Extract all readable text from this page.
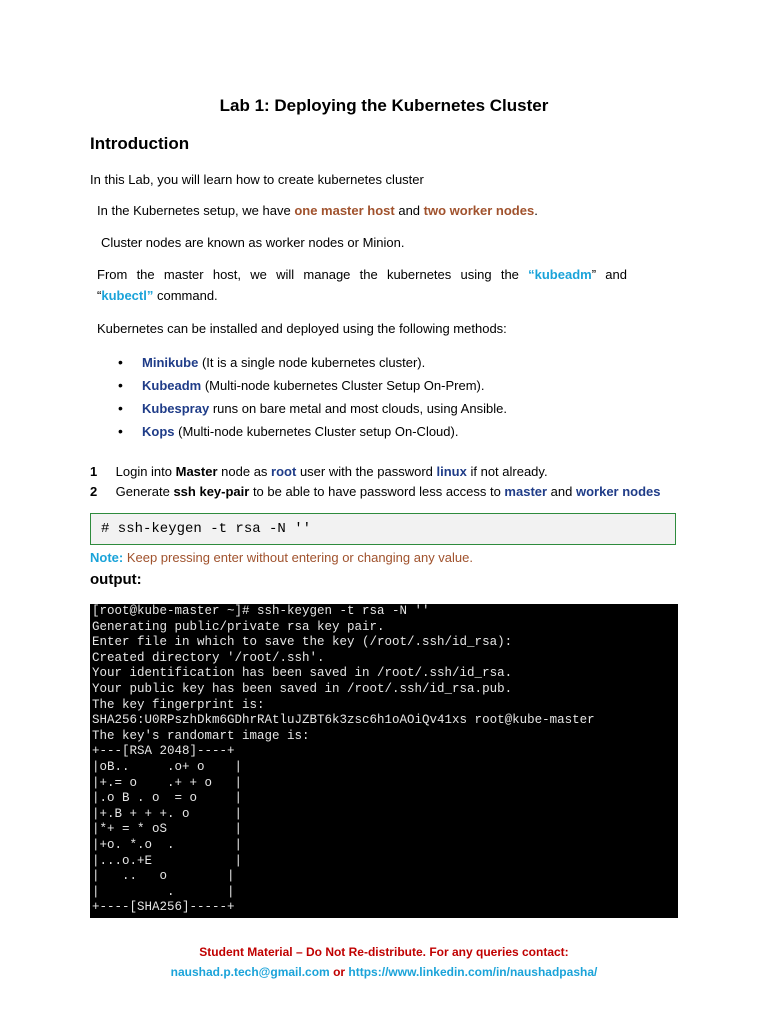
Lab 1: Deploying the Kubernetes Cluster
Introduction
In this Lab, you will learn how to create kubernetes cluster
In the Kubernetes setup, we have one master host and two worker nodes.
Cluster nodes are known as worker nodes or Minion.
From the master host, we will manage the kubernetes using the “kubeadm” and
“kubectl” command.
Kubernetes can be installed and deployed using the following methods:
• Minikube (It is a single node kubernetes cluster).
• Kubeadm (Multi-node kubernetes Cluster Setup On-Prem).
• Kubespray runs on bare metal and most clouds, using Ansible.
• Kops (Multi-node kubernetes Cluster setup On-Cloud).
1 Login into Master node as root user with the password linux if not already.
2 Generate ssh key-pair to be able to have password less access to master and worker nodes
# ssh-keygen -t rsa -N ''
Note: Keep pressing enter without entering or changing any value.
output:
[root@kube-master ~]# ssh-keygen -t rsa -N ''
Generating public/private rsa key pair.
Enter file in which to save the key (/root/.ssh/id_rsa):
Created directory '/root/.ssh'.
Your identification has been saved in /root/.ssh/id_rsa.
Your public key has been saved in /root/.ssh/id_rsa.pub.
The key fingerprint is:
SHA256:U0RPszhDkm6GDhrRAtluJZBT6k3zsc6h1oAOiQv41xs root@kube-master
The key's randomart image is:
+---[RSA 2048]----+
|oB..     .o+ o    |
|+.= o    .+ + o   |
|.o B . o  = o     |
|+.B + + +. o      |
|*+ = * oS         |
|+o. *.o  .        |
|...o.+E           |
|   ..   o        |
|         .       |
+----[SHA256]-----+
Student Material – Do Not Re-distribute. For any queries contact:
naushad.p.tech@gmail.com or https://www.linkedin.com/in/naushadpasha/
